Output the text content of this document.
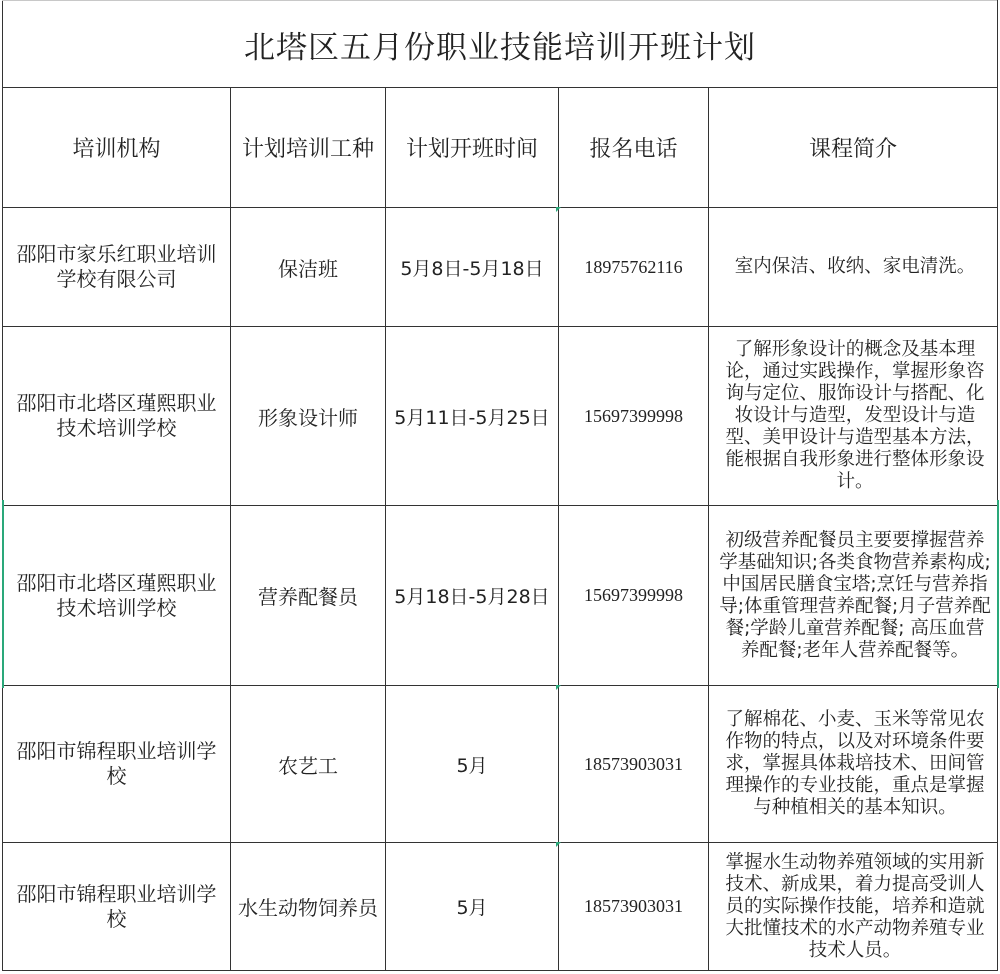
北塔区五月份职业技能培训开班计划				
培训机构	计划培训工种	计划开班时间	报名电话	课程简介

邵阳市家乐红职业培训
学校有限公司	保洁班	5月8日-5月18日	18975762116	室内保洁、收纳、家电清洗。

邵阳市北塔区瑾熙职业
技术培训学校	形象设计师	5月11日-5月25日	15697399998	了解形象设计的概念及基本理论，通过实践操作，掌握形象咨询与定位、服饰设计与搭配、化妆设计与造型，发型设计与造型、美甲设计与造型基本方法，能根据自我形象进行整体形象设计。

邵阳市北塔区瑾熙职业
技术培训学校	营养配餐员	5月18日-5月28日	15697399998	初级营养配餐员主要要撑握营养学基础知识;各类食物营养素构成;中国居民膳食宝塔;烹饪与营养指导;体重管理营养配餐;月子营养配餐;学龄儿童营养配餐; 高压血营养配餐;老年人营养配餐等。

邵阳市锦程职业培训学
校	农艺工	5月	18573903031	了解棉花、小麦、玉米等常见农作物的特点，以及对环境条件要求，掌握具体栽培技术、田间管理操作的专业技能，重点是掌握与种植相关的基本知识。

邵阳市锦程职业培训学
校	水生动物饲养员	5月	18573903031	掌握水生动物养殖领域的实用新技术、新成果，着力提高受训人员的实际操作技能，培养和造就大批懂技术的水产动物养殖专业技术人员。
